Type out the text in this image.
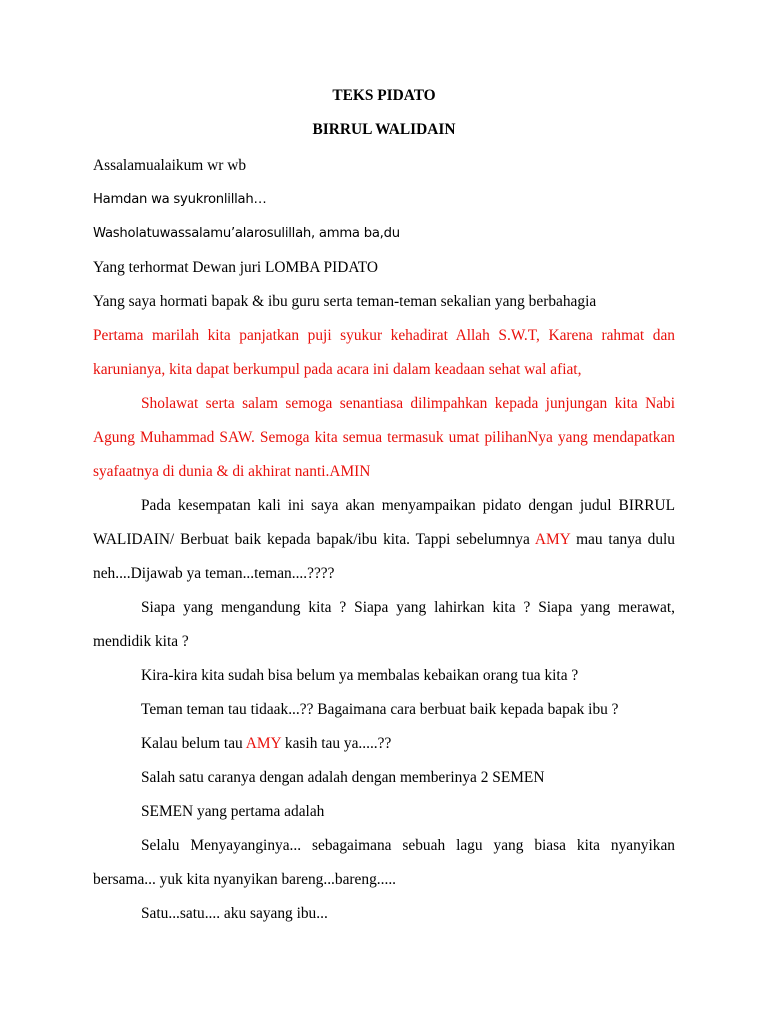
TEKS PIDATO

BIRRUL WALIDAIN

Assalamualaikum wr wb

Hamdan wa syukronlillah…

Washolatuwassalamu’alarosulillah, amma ba,du

Yang terhormat Dewan juri LOMBA PIDATO

Yang saya hormati bapak & ibu guru serta teman-teman sekalian yang berbahagia

Pertama marilah kita panjatkan puji syukur kehadirat Allah S.W.T, Karena rahmat dan karunianya, kita dapat berkumpul pada acara ini dalam keadaan sehat wal afiat,

Sholawat serta salam semoga senantiasa dilimpahkan kepada junjungan kita Nabi Agung Muhammad SAW. Semoga kita semua termasuk umat pilihanNya yang mendapatkan syafaatnya di dunia & di akhirat nanti.AMIN

Pada kesempatan kali ini saya akan menyampaikan pidato dengan judul BIRRUL WALIDAIN/ Berbuat baik kepada bapak/ibu kita. Tappi sebelumnya AMY mau tanya dulu neh....Dijawab ya teman...teman....????

Siapa yang mengandung kita ? Siapa yang lahirkan kita ? Siapa yang merawat, mendidik kita ?

Kira-kira kita sudah bisa belum ya membalas kebaikan orang tua kita ?

Teman teman tau tidaak...?? Bagaimana cara berbuat baik kepada bapak ibu ?

Kalau belum tau AMY kasih tau ya.....??

Salah satu caranya dengan adalah dengan memberinya 2 SEMEN

SEMEN yang pertama adalah

Selalu Menyayanginya... sebagaimana sebuah lagu yang biasa kita nyanyikan bersama... yuk kita nyanyikan bareng...bareng.....

Satu...satu.... aku sayang ibu...
